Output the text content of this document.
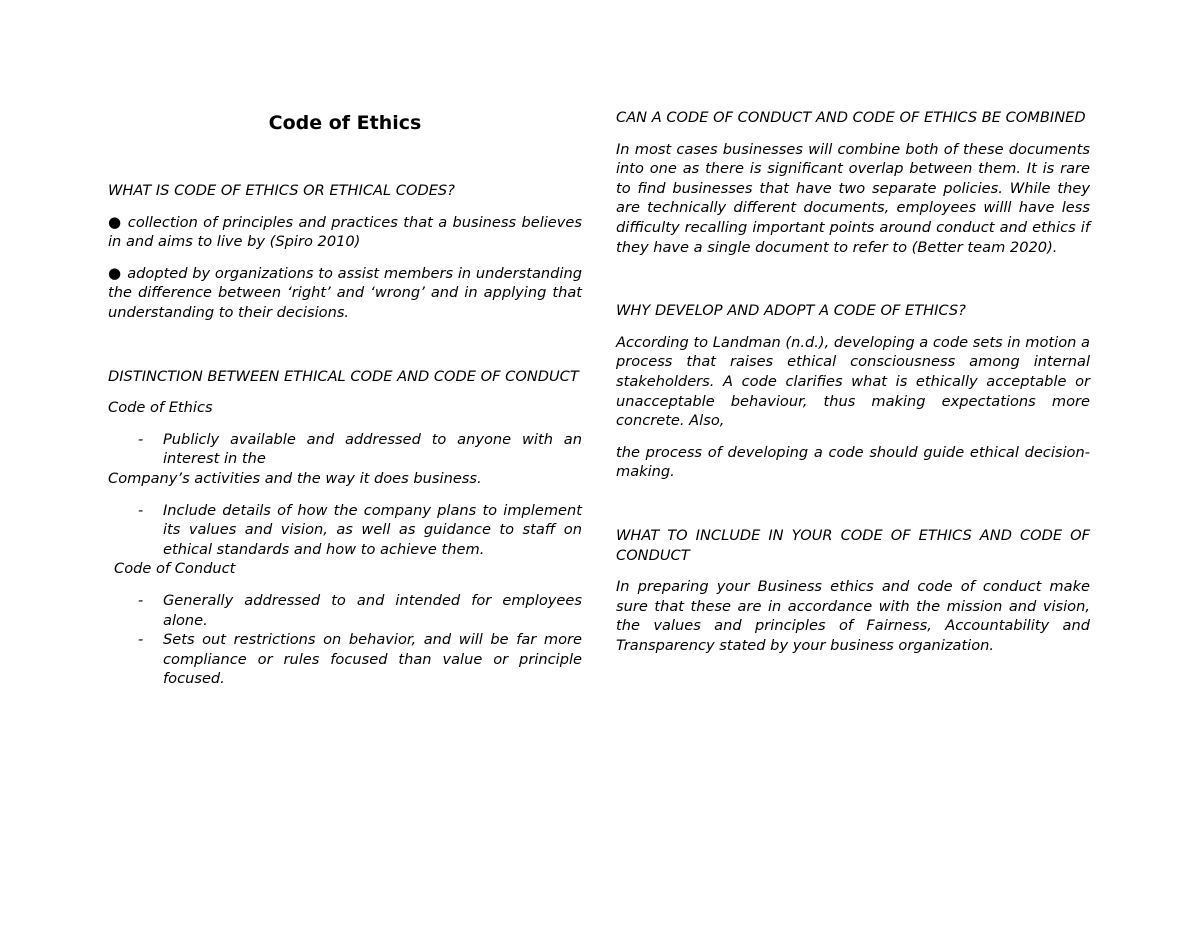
Code of Ethics

WHAT IS CODE OF ETHICS OR ETHICAL CODES?

● collection of principles and practices that a business believes in and aims to live by (Spiro 2010)

● adopted by organizations to assist members in understanding the difference between ‘right’ and ‘wrong’ and in applying that understanding to their decisions.

DISTINCTION BETWEEN ETHICAL CODE AND CODE OF CONDUCT

Code of Ethics

- Publicly available and addressed to anyone with an interest in the

Company’s activities and the way it does business.

- Include details of how the company plans to implement its values and vision, as well as guidance to staff on ethical standards and how to achieve them.

Code of Conduct

- Generally addressed to and intended for employees alone.
- Sets out restrictions on behavior, and will be far more compliance or rules focused than value or principle focused.

CAN A CODE OF CONDUCT AND CODE OF ETHICS BE COMBINED

In most cases businesses will combine both of these documents into one as there is significant overlap between them. It is rare to find businesses that have two separate policies. While they are technically different documents, employees willl have less difficulty recalling important points around conduct and ethics if they have a single document to refer to (Better team 2020).

WHY DEVELOP AND ADOPT A CODE OF ETHICS?

According to Landman (n.d.), developing a code sets in motion a process that raises ethical consciousness among internal stakeholders. A code clarifies what is ethically acceptable or unacceptable behaviour, thus making expectations more concrete. Also,

the process of developing a code should guide ethical decision-making.

WHAT TO INCLUDE IN YOUR CODE OF ETHICS AND CODE OF CONDUCT

In preparing your Business ethics and code of conduct make sure that these are in accordance with the mission and vision, the values and principles of Fairness, Accountability and Transparency stated by your business organization.
